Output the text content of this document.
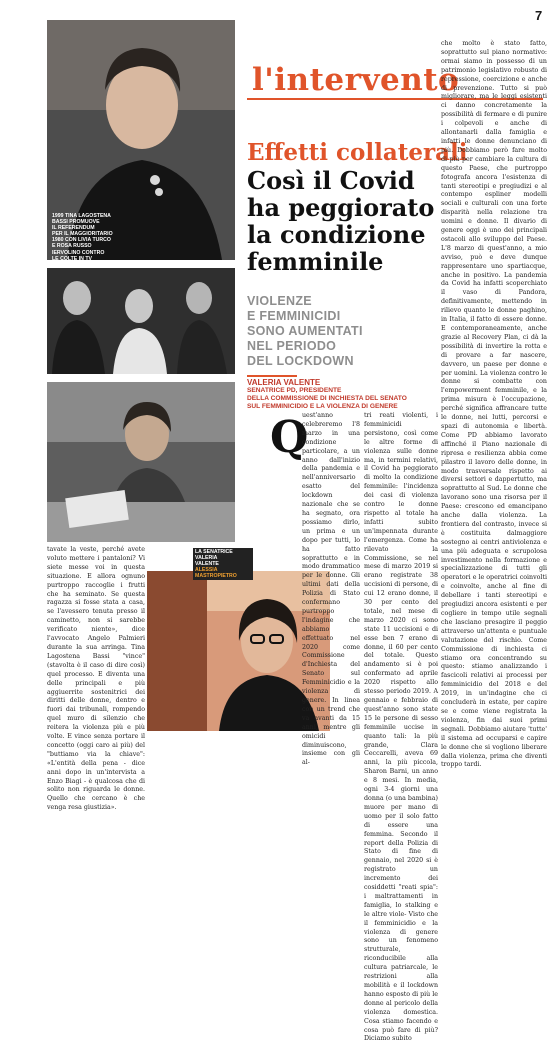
7
1999 TINA LAGOSTENA
BASSI PROMUOVE
IL REFERENDUM
PER IL MAGGIORITARIO
1980 CON LIVIA TURCO
E ROSA RUSSO
IERVOLINO CONTRO
LE COLTE IN TV
IN BASSO
LA SENATRICE
VALERIA
VALENTE
ALESSIA
MASTROPIETRO
tavate la veste, perché avete voluto mettere i pantaloni? Vi siete messe voi in questa situazione. E allora ognuno purtroppo raccoglie i frutti che ha seminato. Se questa ragazza si fosse stata a casa, se l'avessero tenuta presso il caminetto, non si sarebbe verificato niente», dice l'avvocato Angelo Palmieri durante la sua arringa. Tina Lagostena Bassi "vince" (stavolta è il caso di dire così) quel processo. E diventa una delle principali e più aggiuerrite sostenitrici dei diritti delle donne, dentro e fuori dai tribunali, rompendo quel muro di silenzio che reitera la violenza più e più volte. E vince senza portare il concetto (oggi caro ai più) del "buttiamo via la chiave": «L'entità della pena - dice anni dopo in un'intervista a Enzo Biagi - è qualcosa che di solito non riguarda le donne. Quello che cercano è che venga resa giustizia».
l'intervento
Effetti collaterali
Così il Covid
ha peggiorato
la condizione
femminile
VIOLENZE
E FEMMINICIDI
SONO AUMENTATI
NEL PERIODO
DEL LOCKDOWN
VALERIA VALENTE
SENATRICE PD, PRESIDENTE
DELLA COMMISSIONE DI INCHIESTA DEL SENATO
SUL FEMMINICIDIO E LA VIOLENZA DI GENERE
Q
uest'anno celebreremo l'8 marzo in una condizione particolare, a un anno dall'inizio della pandemia e nell'anniversario esatto del lockdown nazionale che se ha segnato, ora possiamo dirlo, un prima e un dopo per tutti, lo ha fatto soprattutto e in modo drammatico per le donne. Gli ultimi dati della Polizia di Stato confermano purtroppo l'indagine che abbiamo effettuato nel 2020 come Commissione d'Inchiesta del Senato sul Femminicidio e la violenza di genere. In linea con un trend che va avanti da 15 anni, mentre gli omicidi diminuiscono, insieme con gli al-
tri reati violenti, i femminicidi persistono, così come le altre forme di violenza sulle donne ma, in termini relativi, il Covid ha peggiorato di molto la condizione femminile: l'incidenza dei casi di violenza contro le donne rispetto al totale ha infatti subito un'impennata durante l'emergenza. Come ha rilevato la Commissione, se nel mese di marzo 2019 si erano registrate 38 uccisioni di persone, di cui 12 erano donne, il 30 per cento del totale, nel mese di marzo 2020 ci sono state 11 uccisioni e di esse ben 7 erano di donne, il 60 per cento del totale. Questo andamento si è poi confermato ad aprile 2020 rispetto allo stesso periodo 2019. A gennaio e febbraio di quest'anno sono state 15 le persone di sesso femminile uccise in quanto tali: la più grande, Clara Ceccarelli, aveva 69 anni, la più piccola, Sharon Barni, un anno e 8 mesi. In media, ogni 3-4 giorni una donna (o una bambina) muore per mano di uomo per il solo fatto di essere una femmina. Secondo il report della Polizia di Stato di fine di gennaio, nel 2020 si è registrato un incremento dei cosiddetti "reati spia": i maltrattamenti in famiglia, lo stalking e le altre viole- Visto che il femminicidio e la violenza di genere sono un fenomeno strutturale, riconducibile alla cultura patriarcale, le restrizioni alla mobilità e il lockdown hanno esposto di più le donne al pericolo della violenza domestica. Cosa stiamo facendo e cosa può fare di più? Diciamo subito
che molto è stato fatto, soprattutto sul piano normativo: ormai siamo in possesso di un patrimonio legislativo robusto di repressione, coercizione e anche di prevenzione. Tutto si può migliorare, ma le leggi esistenti ci danno concretamente la possibilità di fermare e di punire i colpevoli e anche di allontanarli dalla famiglia e infatti le donne denunciano di più. Dobbiamo però fare molto di più per cambiare la cultura di questo Paese, che purtroppo fotografa ancora l'esistenza di tanti stereotipi e pregiudizi e al contempo espliner modelli sociali e culturali con una forte disparità nella relazione tra uomini e donne. Il divario di genere oggi è uno dei principali ostacoli allo sviluppo del Paese. L'8 marzo di quest'anno, a mio avviso, può e deve dunque rappresentare uno spartiacque, anche in positivo. La pandemia da Covid ha infatti scoperchiato il vaso di Pandora, definitivamente, mettendo in rilievo quanto le donne paghino, in Italia, il fatto di essere donne. E contemporaneamente, anche grazie al Recovery Plan, ci dà la possibilità di invertire la rotta e di provare a far nascere, davvero, un paese per donne e per uomini. La violenza contro le donne si combatte con l'empowerment femminile, e la prima misura è l'occupazione, perché significa affrancare tutte le donne, nei lutti, percorsi e spazi di autonomia e libertà. Come PD abbiamo lavorato affinché il Piano nazionale di ripresa e resilienza abbia come pilastro il lavoro delle donne, in modo trasversale rispetto ai diversi settori e dappertutto, ma soprattutto al Sud. Le donne che lavorano sono una risorsa per il Paese: crescono ed emancipano anche dalla violenza. La frontiera del contrasto, invece si è costituita dalmaggiore sostegno ai centri antiviolenza e una più adeguata e scrupolosa investimento nella formazione e specializzazione di tutti gli operatori e le operatrici coinvolti e coinvolte, anche al fine di debellare i tanti stereotipi e pregiudizi ancora esistenti e per cogliere in tempo utile segnali che lasciano presagire il peggio attraverso un'attenta e puntuale valutazione del rischio. Come Commissione di inchiesta ci stiamo ora concentrando su questo: stiamo analizzando i fascicoli relativi ai processi per femminicidio del 2018 e del 2019, in un'indagine che ci concluderà in estate, per capire se e come viene registrata la violenza, fin dai suoi primi segnali. Dobbiamo aiutare 'tutte' il sistema ad occuparsi e capire le donne che si vogliono liberare dalla violenza, prima che diventi troppo tardi.
